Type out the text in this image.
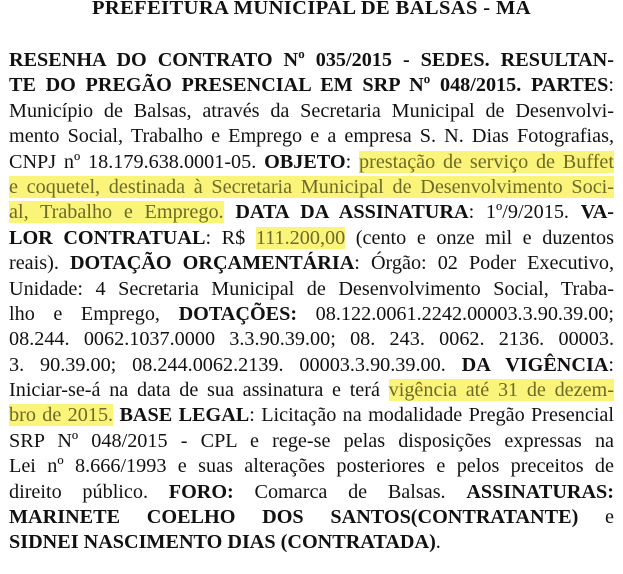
PREFEITURA MUNICIPAL DE BALSAS - MA
RESENHA DO CONTRATO Nº 035/2015 - SEDES. RESULTAN-
TE DO PREGÃO PRESENCIAL EM SRP Nº 048/2015. PARTES:
Município de Balsas, através da Secretaria Municipal de Desenvolvi-
mento Social, Trabalho e Emprego e a empresa S. N. Dias Fotografias,
CNPJ nº 18.179.638.0001-05. OBJETO: prestação de serviço de Buffet
e coquetel, destinada à Secretaria Municipal de Desenvolvimento Soci-
al, Trabalho e Emprego. DATA DA ASSINATURA: 1º/9/2015. VA-
LOR CONTRATUAL: R$ 111.200,00 (cento e onze mil e duzentos
reais). DOTAÇÃO ORÇAMENTÁRIA: Órgão: 02 Poder Executivo,
Unidade: 4 Secretaria Municipal de Desenvolvimento Social, Traba-
lho e Emprego, DOTAÇÕES: 08.122.0061.2242.00003.3.90.39.00;
08.244. 0062.1037.0000 3.3.90.39.00; 08. 243. 0062. 2136. 00003.
3. 90.39.00; 08.244.0062.2139. 00003.3.90.39.00. DA VIGÊNCIA:
Iniciar-se-á na data de sua assinatura e terá vigência até 31 de dezem-
bro de 2015. BASE LEGAL: Licitação na modalidade Pregão Presencial
SRP Nº 048/2015 - CPL e rege-se pelas disposições expressas na
Lei nº 8.666/1993 e suas alterações posteriores e pelos preceitos de
direito público. FORO: Comarca de Balsas. ASSINATURAS:
MARINETE COELHO DOS SANTOS(CONTRATANTE) e
SIDNEI NASCIMENTO DIAS (CONTRATADA).
